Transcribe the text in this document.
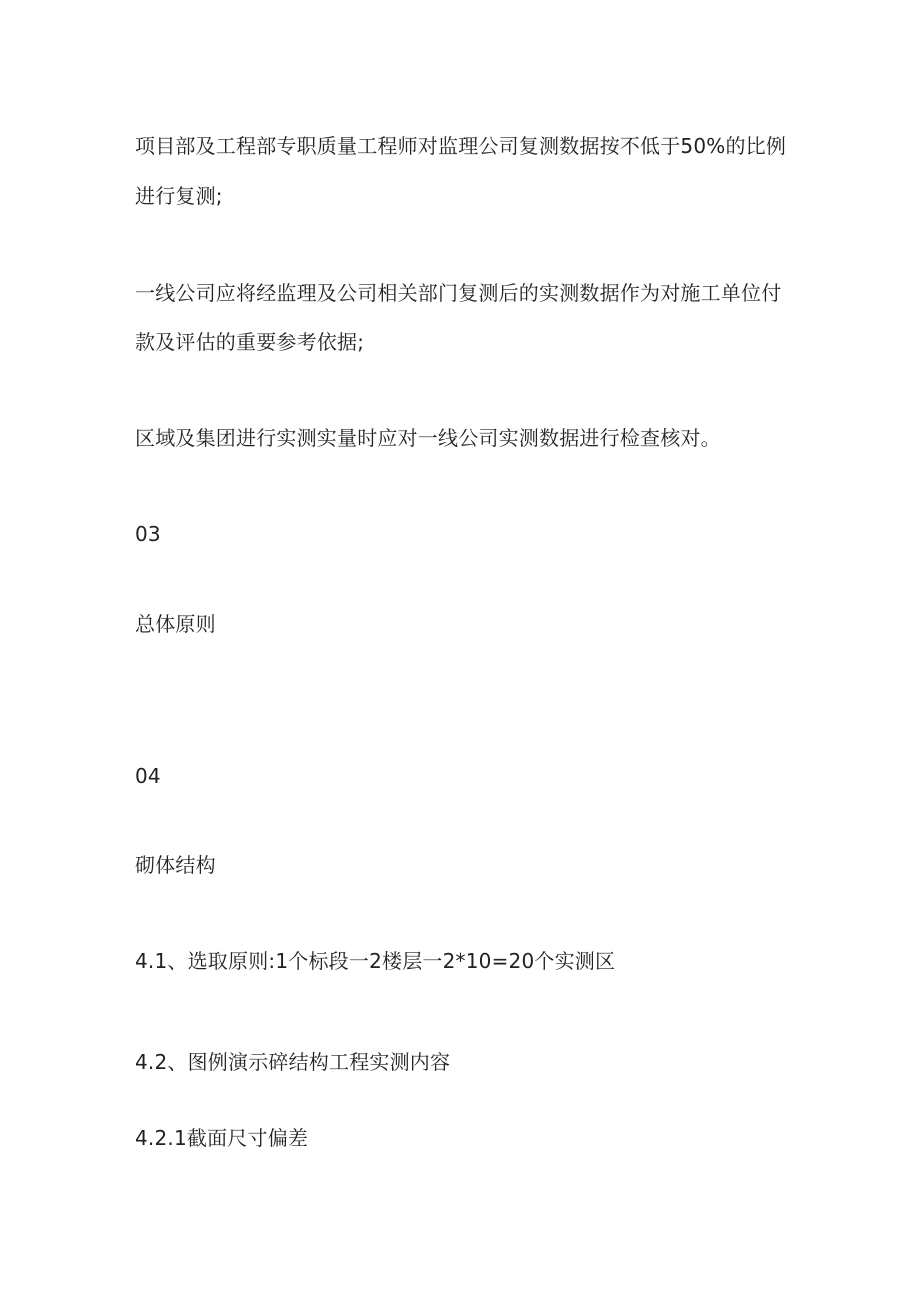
项目部及工程部专职质量工程师对监理公司复测数据按不低于50%的比例

进行复测;

一线公司应将经监理及公司相关部门复测后的实测数据作为对施工单位付

款及评估的重要参考依据;

区域及集团进行实测实量时应对一线公司实测数据进行检查核对。

03

总体原则

04

砌体结构

4.1、选取原则:1个标段一2楼层一2*10=20个实测区

4.2、图例演示碎结构工程实测内容

4.2.1截面尺寸偏差
